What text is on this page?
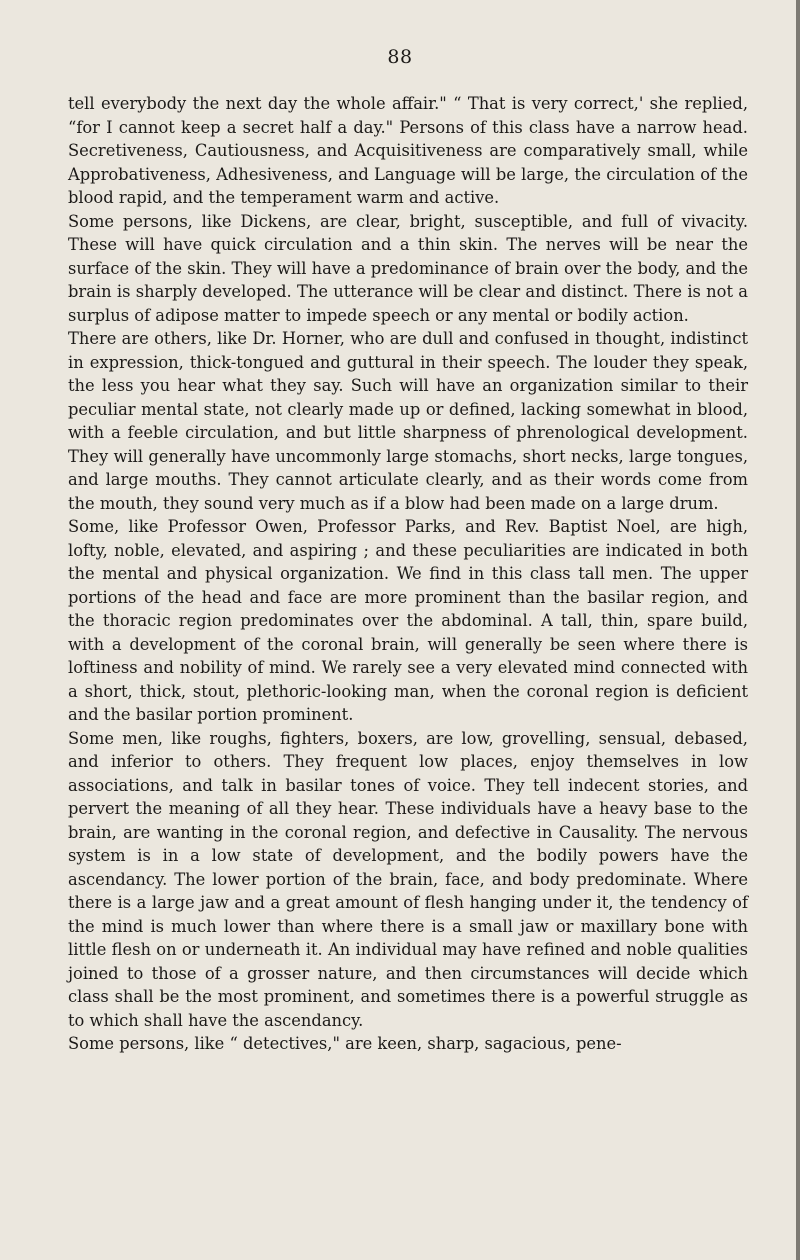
88

tell everybody the next day the whole affair." “ That is very correct,' she replied, “for I cannot keep a secret half a day." Persons of this class have a narrow head. Secretiveness, Cautiousness, and Acquisitiveness are comparatively small, while Approbativeness, Adhesiveness, and Language will be large, the circulation of the blood rapid, and the temperament warm and active.

Some persons, like Dickens, are clear, bright, susceptible, and full of vivacity. These will have quick circulation and a thin skin. The nerves will be near the surface of the skin. They will have a predominance of brain over the body, and the brain is sharply developed. The utterance will be clear and distinct. There is not a surplus of adipose matter to impede speech or any mental or bodily action.

There are others, like Dr. Horner, who are dull and confused in thought, indistinct in expression, thick-tongued and guttural in their speech. The louder they speak, the less you hear what they say. Such will have an organization similar to their peculiar mental state, not clearly made up or defined, lacking somewhat in blood, with a feeble circulation, and but little sharpness of phrenological development. They will generally have uncommonly large stomachs, short necks, large tongues, and large mouths. They cannot articulate clearly, and as their words come from the mouth, they sound very much as if a blow had been made on a large drum.

Some, like Professor Owen, Professor Parks, and Rev. Baptist Noel, are high, lofty, noble, elevated, and aspiring ; and these peculiarities are indicated in both the mental and physical organization. We find in this class tall men. The upper portions of the head and face are more prominent than the basilar region, and the thoracic region predominates over the abdominal. A tall, thin, spare build, with a development of the coronal brain, will generally be seen where there is loftiness and nobility of mind. We rarely see a very elevated mind connected with a short, thick, stout, plethoric-looking man, when the coronal region is deficient and the basilar portion prominent.

Some men, like roughs, fighters, boxers, are low, grovelling, sensual, debased, and inferior to others. They frequent low places, enjoy themselves in low associations, and talk in basilar tones of voice. They tell indecent stories, and pervert the meaning of all they hear. These individuals have a heavy base to the brain, are wanting in the coronal region, and defective in Causality. The nervous system is in a low state of development, and the bodily powers have the ascendancy. The lower portion of the brain, face, and body predominate. Where there is a large jaw and a great amount of flesh hanging under it, the tendency of the mind is much lower than where there is a small jaw or maxillary bone with little flesh on or underneath it. An individual may have refined and noble qualities joined to those of a grosser nature, and then circumstances will decide which class shall be the most prominent, and sometimes there is a powerful struggle as to which shall have the ascendancy.

Some persons, like “ detectives," are keen, sharp, sagacious, pene-
